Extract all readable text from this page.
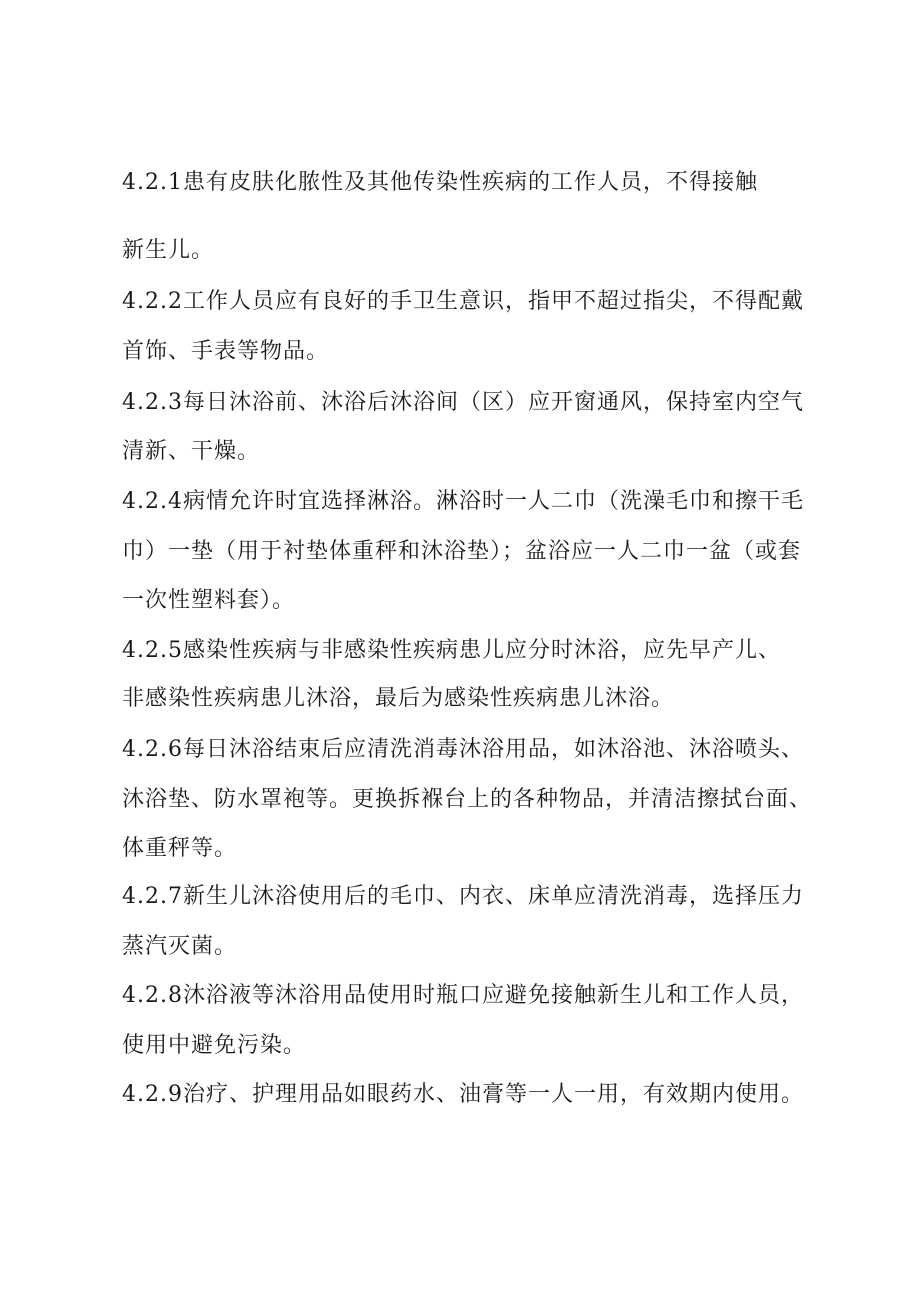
4.2.1患有皮肤化脓性及其他传染性疾病的工作人员，不得接触
新生儿。
4.2.2工作人员应有良好的手卫生意识，指甲不超过指尖，不得配戴
首饰、手表等物品。
4.2.3每日沐浴前、沐浴后沐浴间（区）应开窗通风，保持室内空气
清新、干燥。
4.2.4病情允许时宜选择淋浴。淋浴时一人二巾（洗澡毛巾和擦干毛
巾）一垫（用于衬垫体重秤和沐浴垫）；盆浴应一人二巾一盆（或套
一次性塑料套）。
4.2.5感染性疾病与非感染性疾病患儿应分时沐浴，应先早产儿、
非感染性疾病患儿沐浴，最后为感染性疾病患儿沐浴。
4.2.6每日沐浴结束后应清洗消毒沐浴用品，如沐浴池、沐浴喷头、
沐浴垫、防水罩袍等。更换拆褓台上的各种物品，并清洁擦拭台面、
体重秤等。
4.2.7新生儿沐浴使用后的毛巾、内衣、床单应清洗消毒，选择压力
蒸汽灭菌。
4.2.8沐浴液等沐浴用品使用时瓶口应避免接触新生儿和工作人员，
使用中避免污染。
4.2.9治疗、护理用品如眼药水、油膏等一人一用，有效期内使用。
